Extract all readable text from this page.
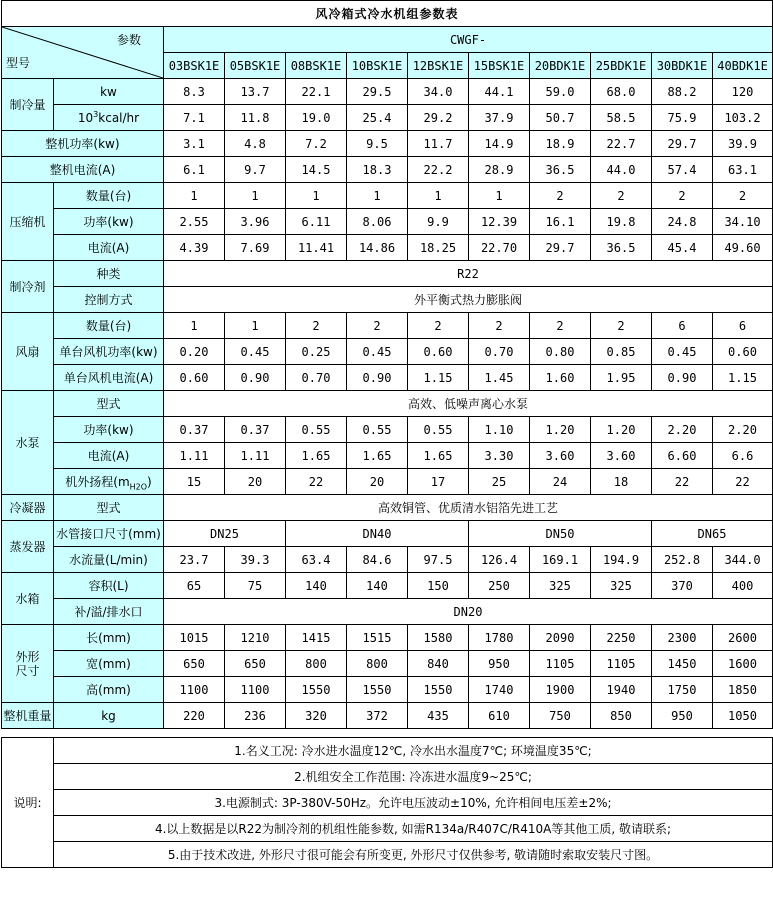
风冷箱式冷水机组参数表											

参数
型号		CWGF-									
		03BSK1E	05BSK1E	08BSK1E	10BSK1E	12BSK1E	15BSK1E	20BDK1E	25BDK1E	30BDK1E	40BDK1E
制冷量	kw	8.3	13.7	22.1	29.5	34.0	44.1	59.0	68.0	88.2	120
	$10^3kcal/hr$	7.1	11.8	19.0	25.4	29.2	37.9	50.7	58.5	75.9	103.2
整机功率(kw)		3.1	4.8	7.2	9.5	11.7	14.9	18.9	22.7	29.7	39.9
整机电流(A)		6.1	9.7	14.5	18.3	22.2	28.9	36.5	44.0	57.4	63.1
压缩机	数量(台)	1	1	1	1	1	1	2	2	2	2
	功率(kw)	2.55	3.96	6.11	8.06	9.9	12.39	16.1	19.8	24.8	34.10
	电流(A)	4.39	7.69	11.41	14.86	18.25	22.70	29.7	36.5	45.4	49.60
制冷剂	种类	R22									
	控制方式	外平衡式热力膨胀阀									
风扇	数量(台)	1	1	2	2	2	2	2	2	6	6
	单台风机功率(kw)	0.20	0.45	0.25	0.45	0.60	0.70	0.80	0.85	0.45	0.60
	单台风机电流(A)	0.60	0.90	0.70	0.90	1.15	1.45	1.60	1.95	0.90	1.15
水泵	型式	高效、低噪声离心水泵									
	功率(kw)	0.37	0.37	0.55	0.55	0.55	1.10	1.20	1.20	2.20	2.20
	电流(A)	1.11	1.11	1.65	1.65	1.65	3.30	3.60	3.60	6.60	6.6
	机外扬程$(m_{H2O})$	15	20	22	20	17	25	24	18	22	22
冷凝器	型式	高效铜管、优质清水铝箔先进工艺									
蒸发器	水管接口尺寸(mm)	DN25		DN40			DN50			DN65	
	水流量(L/min)	23.7	39.3	63.4	84.6	97.5	126.4	169.1	194.9	252.8	344.0
水箱	容积(L)	65	75	140	140	150	250	325	325	370	400
	补/溢/排水口	DN20									

外形
尺寸	长(mm)	1015	1210	1415	1515	1580	1780	2090	2250	2300	2600
	宽(mm)	650	650	800	800	840	950	1105	1105	1450	1600
	高(mm)	1100	1100	1550	1550	1550	1740	1900	1940	1750	1850
整机重量	kg	220	236	320	372	435	610	750	850	950	1050

说明:	1.名义工况: 冷水进水温度12℃, 冷水出水温度7℃; 环境温度35℃;										
	2.机组安全工作范围: 冷冻进水温度9~25℃;										
	3.电源制式: 3P-380V-50Hz。允许电压波动±10%, 允许相间电压差±2%;										
	4.以上数据是以R22为制冷剂的机组性能参数, 如需R134a/R407C/R410A等其他工质, 敬请联系;										
	5.由于技术改进, 外形尺寸很可能会有所变更, 外形尺寸仅供参考, 敬请随时索取安装尺寸图。										
